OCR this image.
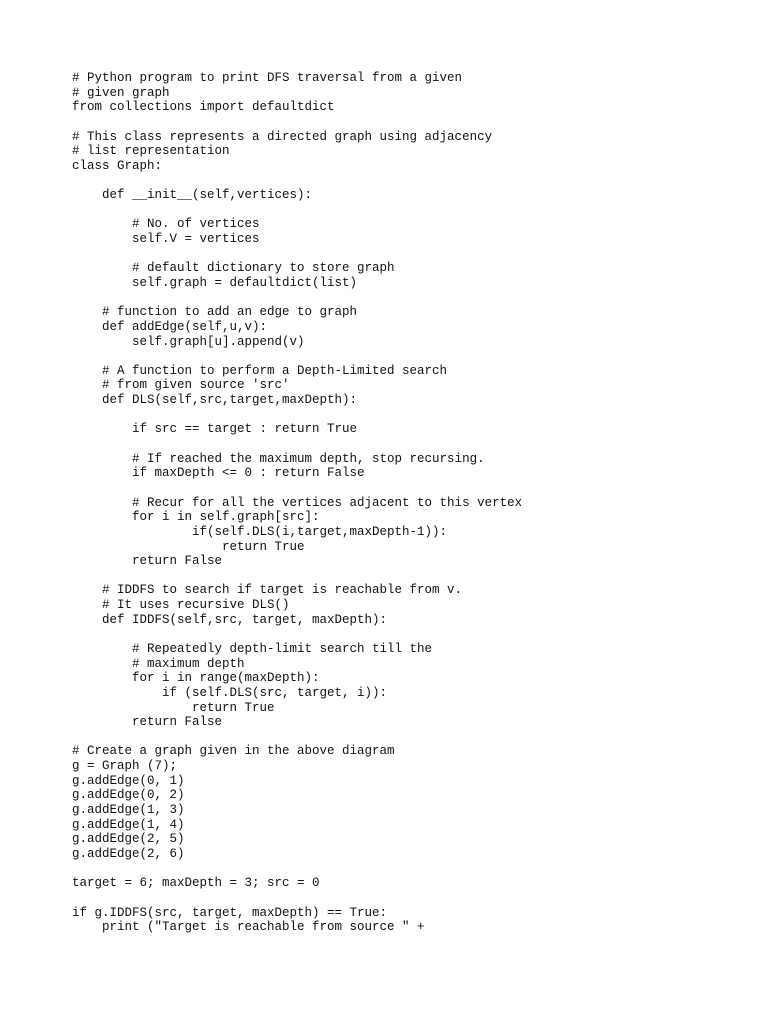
# Python program to print DFS traversal from a given
# given graph
from collections import defaultdict
# This class represents a directed graph using adjacency
# list representation
class Graph:
def __init__(self,vertices):
# No. of vertices
self.V = vertices
# default dictionary to store graph
self.graph = defaultdict(list)
# function to add an edge to graph
def addEdge(self,u,v):
self.graph[u].append(v)
# A function to perform a Depth-Limited search
# from given source 'src'
def DLS(self,src,target,maxDepth):
if src == target : return True
# If reached the maximum depth, stop recursing.
if maxDepth <= 0 : return False
# Recur for all the vertices adjacent to this vertex
for i in self.graph[src]:
if(self.DLS(i,target,maxDepth-1)):
return True
return False
# IDDFS to search if target is reachable from v.
# It uses recursive DLS()
def IDDFS(self,src, target, maxDepth):
# Repeatedly depth-limit search till the
# maximum depth
for i in range(maxDepth):
if (self.DLS(src, target, i)):
return True
return False
# Create a graph given in the above diagram
g = Graph (7);
g.addEdge(0, 1)
g.addEdge(0, 2)
g.addEdge(1, 3)
g.addEdge(1, 4)
g.addEdge(2, 5)
g.addEdge(2, 6)
target = 6; maxDepth = 3; src = 0
if g.IDDFS(src, target, maxDepth) == True:
print ("Target is reachable from source " +
